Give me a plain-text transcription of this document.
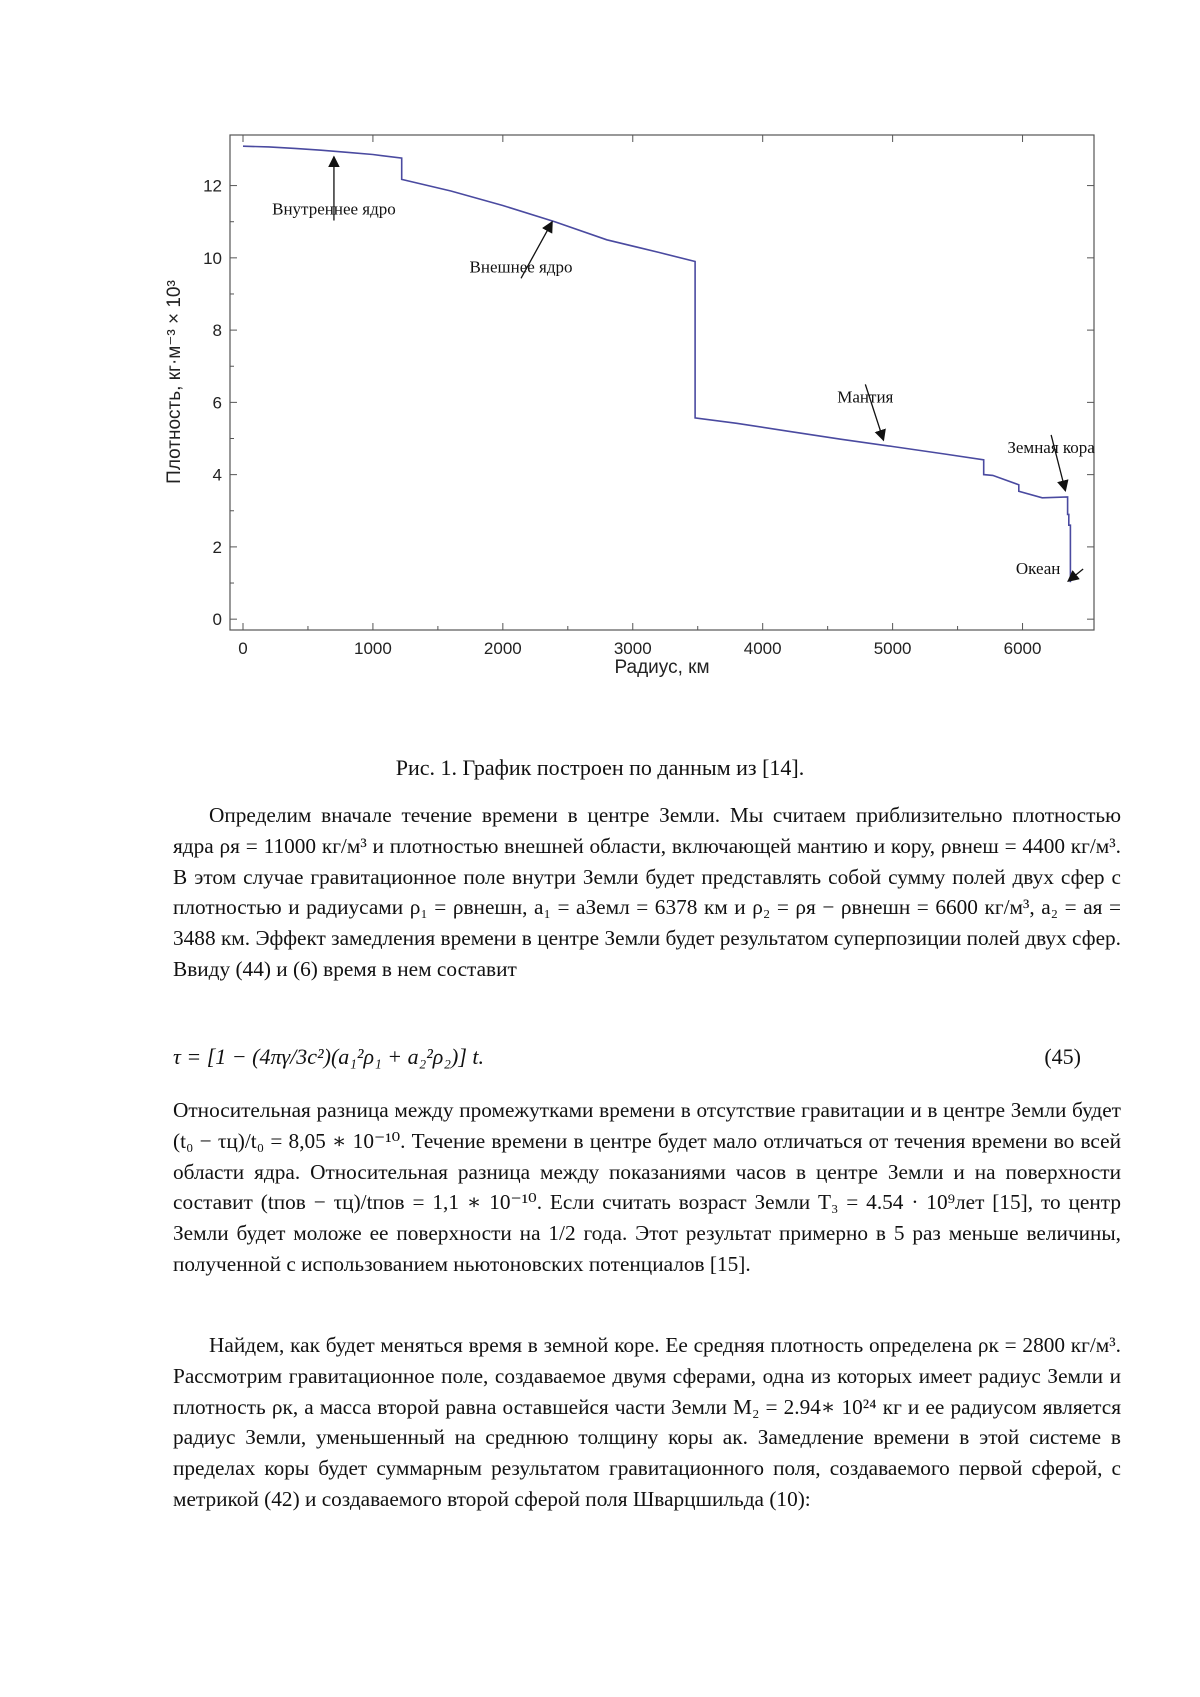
0	1000	2000	3000	4000	5000	6000
0
2
4
6
8
10
12
Внутреннее ядро
Внешнее ядро
Мантия
Земная кора
Океан
Радиус, км
Плотность, кг·м⁻³ × 10³
Рис. 1. График построен по данным из [14].

Определим вначале течение времени в центре Земли. Мы считаем приблизительно плотностью ядра ρя = 11000 кг/м³ и плотностью внешней области, включающей мантию и кору, ρвнеш = 4400 кг/м³. В этом случае гравитационное поле внутри Земли будет представлять собой сумму полей двух сфер с плотностью и радиусами ρ₁ = ρвнешн, a₁ = aЗемл = 6378 км и ρ₂ = ρя − ρвнешн = 6600 кг/м³, a₂ = aя = 3488 км. Эффект замедления времени в центре Земли будет результатом суперпозиции полей двух сфер. Ввиду (44) и (6) время в нем составит

τ = [1 − (4πγ/3c²)(a₁²ρ₁ + a₂²ρ₂)] t.	(45)

Относительная разница между промежутками времени в отсутствие гравитации и в центре Земли будет (t₀ − τц)/t₀ = 8,05 ∗ 10⁻¹⁰. Течение времени в центре будет мало отличаться от течения времени во всей области ядра. Относительная разница между показаниями часов в центре Земли и на поверхности составит (tпов − τц)/tпов = 1,1 ∗ 10⁻¹⁰. Если считать возраст Земли T₃ = 4.54 · 10⁹лет [15], то центр Земли будет моложе ее поверхности на 1/2 года. Этот результат примерно в 5 раз меньше величины, полученной с использованием ньютоновских потенциалов [15].

Найдем, как будет меняться время в земной коре. Ее средняя плотность определена ρк = 2800 кг/м³. Рассмотрим гравитационное поле, создаваемое двумя сферами, одна из которых имеет радиус Земли и плотность ρк, а масса второй равна оставшейся части Земли M₂ = 2.94∗ 10²⁴ кг и ее радиусом является радиус Земли, уменьшенный на среднюю толщину коры aк. Замедление времени в этой системе в пределах коры будет суммарным результатом гравитационного поля, создаваемого первой сферой, с метрикой (42) и создаваемого второй сферой поля Шварцшильда (10):
